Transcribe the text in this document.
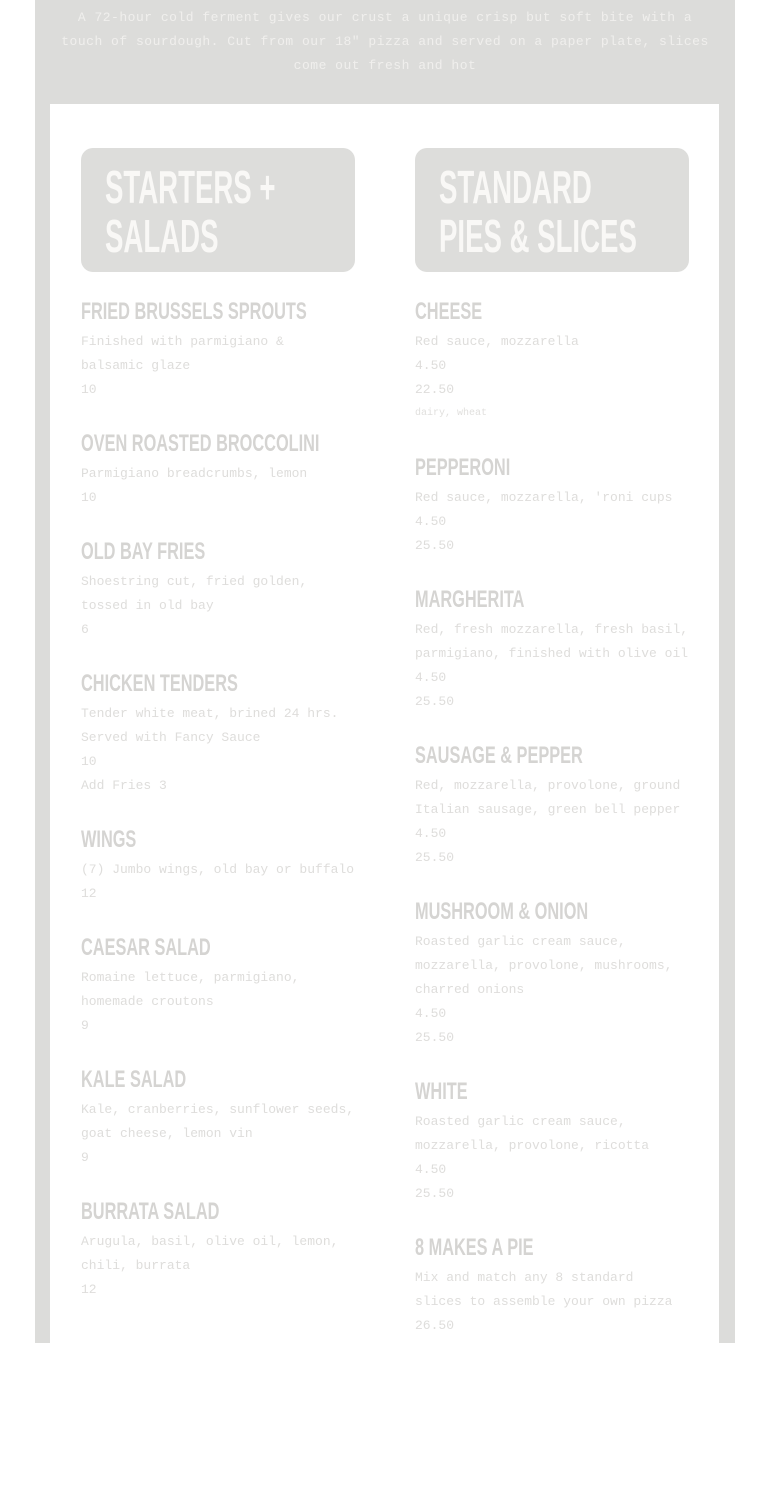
A 72-hour cold ferment gives our crust a unique crisp but soft bite with a touch of sourdough. Cut from our 18" pizza and served on a paper plate, slices come out fresh and hot

STARTERS +
SALADS
FRIED BRUSSELS SPROUTS
Finished with parmigiano &
balsamic glaze
10
OVEN ROASTED BROCCOLINI
Parmigiano breadcrumbs, lemon
10
OLD BAY FRIES
Shoestring cut, fried golden,
tossed in old bay
6
CHICKEN TENDERS
Tender white meat, brined 24 hrs.
Served with Fancy Sauce
10
Add Fries 3
WINGS
(7) Jumbo wings, old bay or buffalo
12
CAESAR SALAD
Romaine lettuce, parmigiano,
homemade croutons
9
KALE SALAD
Kale, cranberries, sunflower seeds,
goat cheese, lemon vin
9
BURRATA SALAD
Arugula, basil, olive oil, lemon,
chili, burrata
12
STANDARD
PIES & SLICES
CHEESE
Red sauce, mozzarella
4.50
22.50
dairy, wheat
PEPPERONI
Red sauce, mozzarella, 'roni cups
4.50
25.50
MARGHERITA
Red, fresh mozzarella, fresh basil,
parmigiano, finished with olive oil
4.50
25.50
SAUSAGE & PEPPER
Red, mozzarella, provolone, ground
Italian sausage, green bell pepper
4.50
25.50
MUSHROOM & ONION
Roasted garlic cream sauce,
mozzarella, provolone, mushrooms,
charred onions
4.50
25.50
WHITE
Roasted garlic cream sauce,
mozzarella, provolone, ricotta
4.50
25.50
8 MAKES A PIE
Mix and match any 8 standard
slices to assemble your own pizza
26.50
